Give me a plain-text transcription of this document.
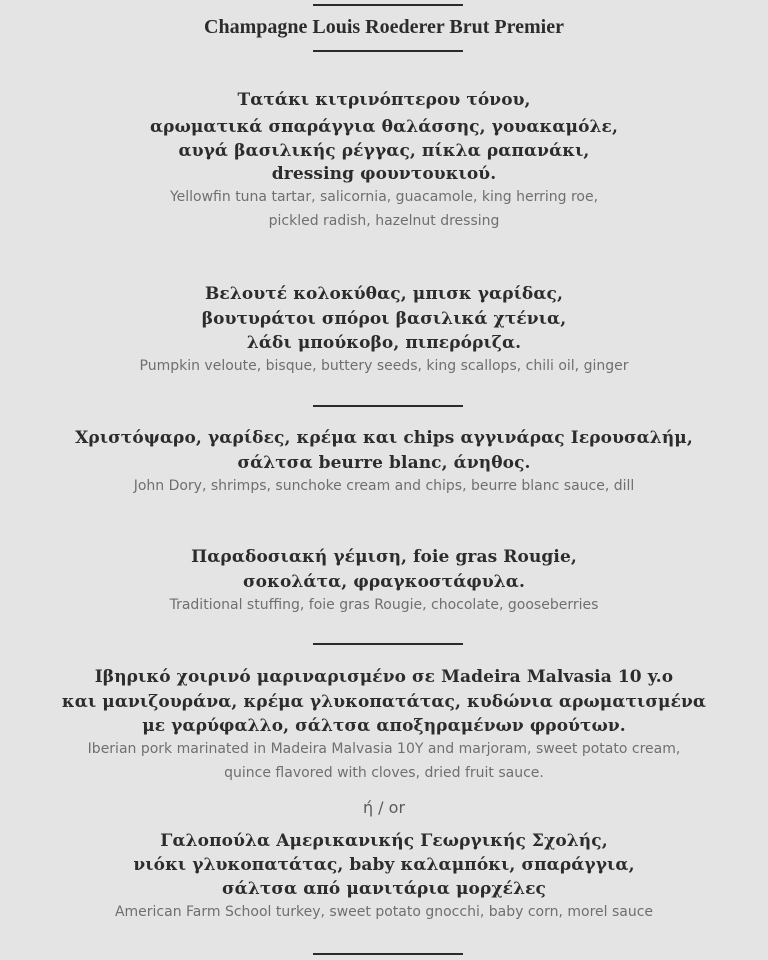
Champagne Louis Roederer Brut Premier
Τατάκι κιτρινόπτερου τόνου,
αρωματικά σπαράγγια θαλάσσης, γουακαμόλε,
αυγά βασιλικής ρέγγας, πίκλα ραπανάκι,
dressing φουντουκιού.
Yellowfin tuna tartar, salicornia, guacamole, king herring roe,
pickled radish, hazelnut dressing
Βελουτέ κολοκύθας, μπισκ γαρίδας,
βουτυράτοι σπόροι βασιλικά χτένια,
λάδι μπούκοβο, πιπερόριζα.
Pumpkin veloute, bisque, buttery seeds, king scallops, chili oil, ginger
Χριστόψαρο, γαρίδες, κρέμα και chips αγγινάρας Ιερουσαλήμ,
σάλτσα beurre blanc, άνηθος.
John Dory, shrimps, sunchoke cream and chips, beurre blanc sauce, dill
Παραδοσιακή γέμιση, foie gras Rougie,
σοκολάτα, φραγκοστάφυλα.
Traditional stuffing, foie gras Rougie, chocolate, gooseberries
Ιβηρικό χοιρινό μαριναρισμένο σε Madeira Malvasia 10 y.o
και μανιζουράνα, κρέμα γλυκοπατάτας, κυδώνια αρωματισμένα
με γαρύφαλλο, σάλτσα αποξηραμένων φρούτων.
Iberian pork marinated in Madeira Malvasia 10Y and marjoram, sweet potato cream,
quince flavored with cloves, dried fruit sauce.
ή / or
Γαλοπούλα Αμερικανικής Γεωργικής Σχολής,
νιόκι γλυκοπατάτας, baby καλαμπόκι, σπαράγγια,
σάλτσα από μανιτάρια μορχέλες
American Farm School turkey, sweet potato gnocchi, baby corn, morel sauce
